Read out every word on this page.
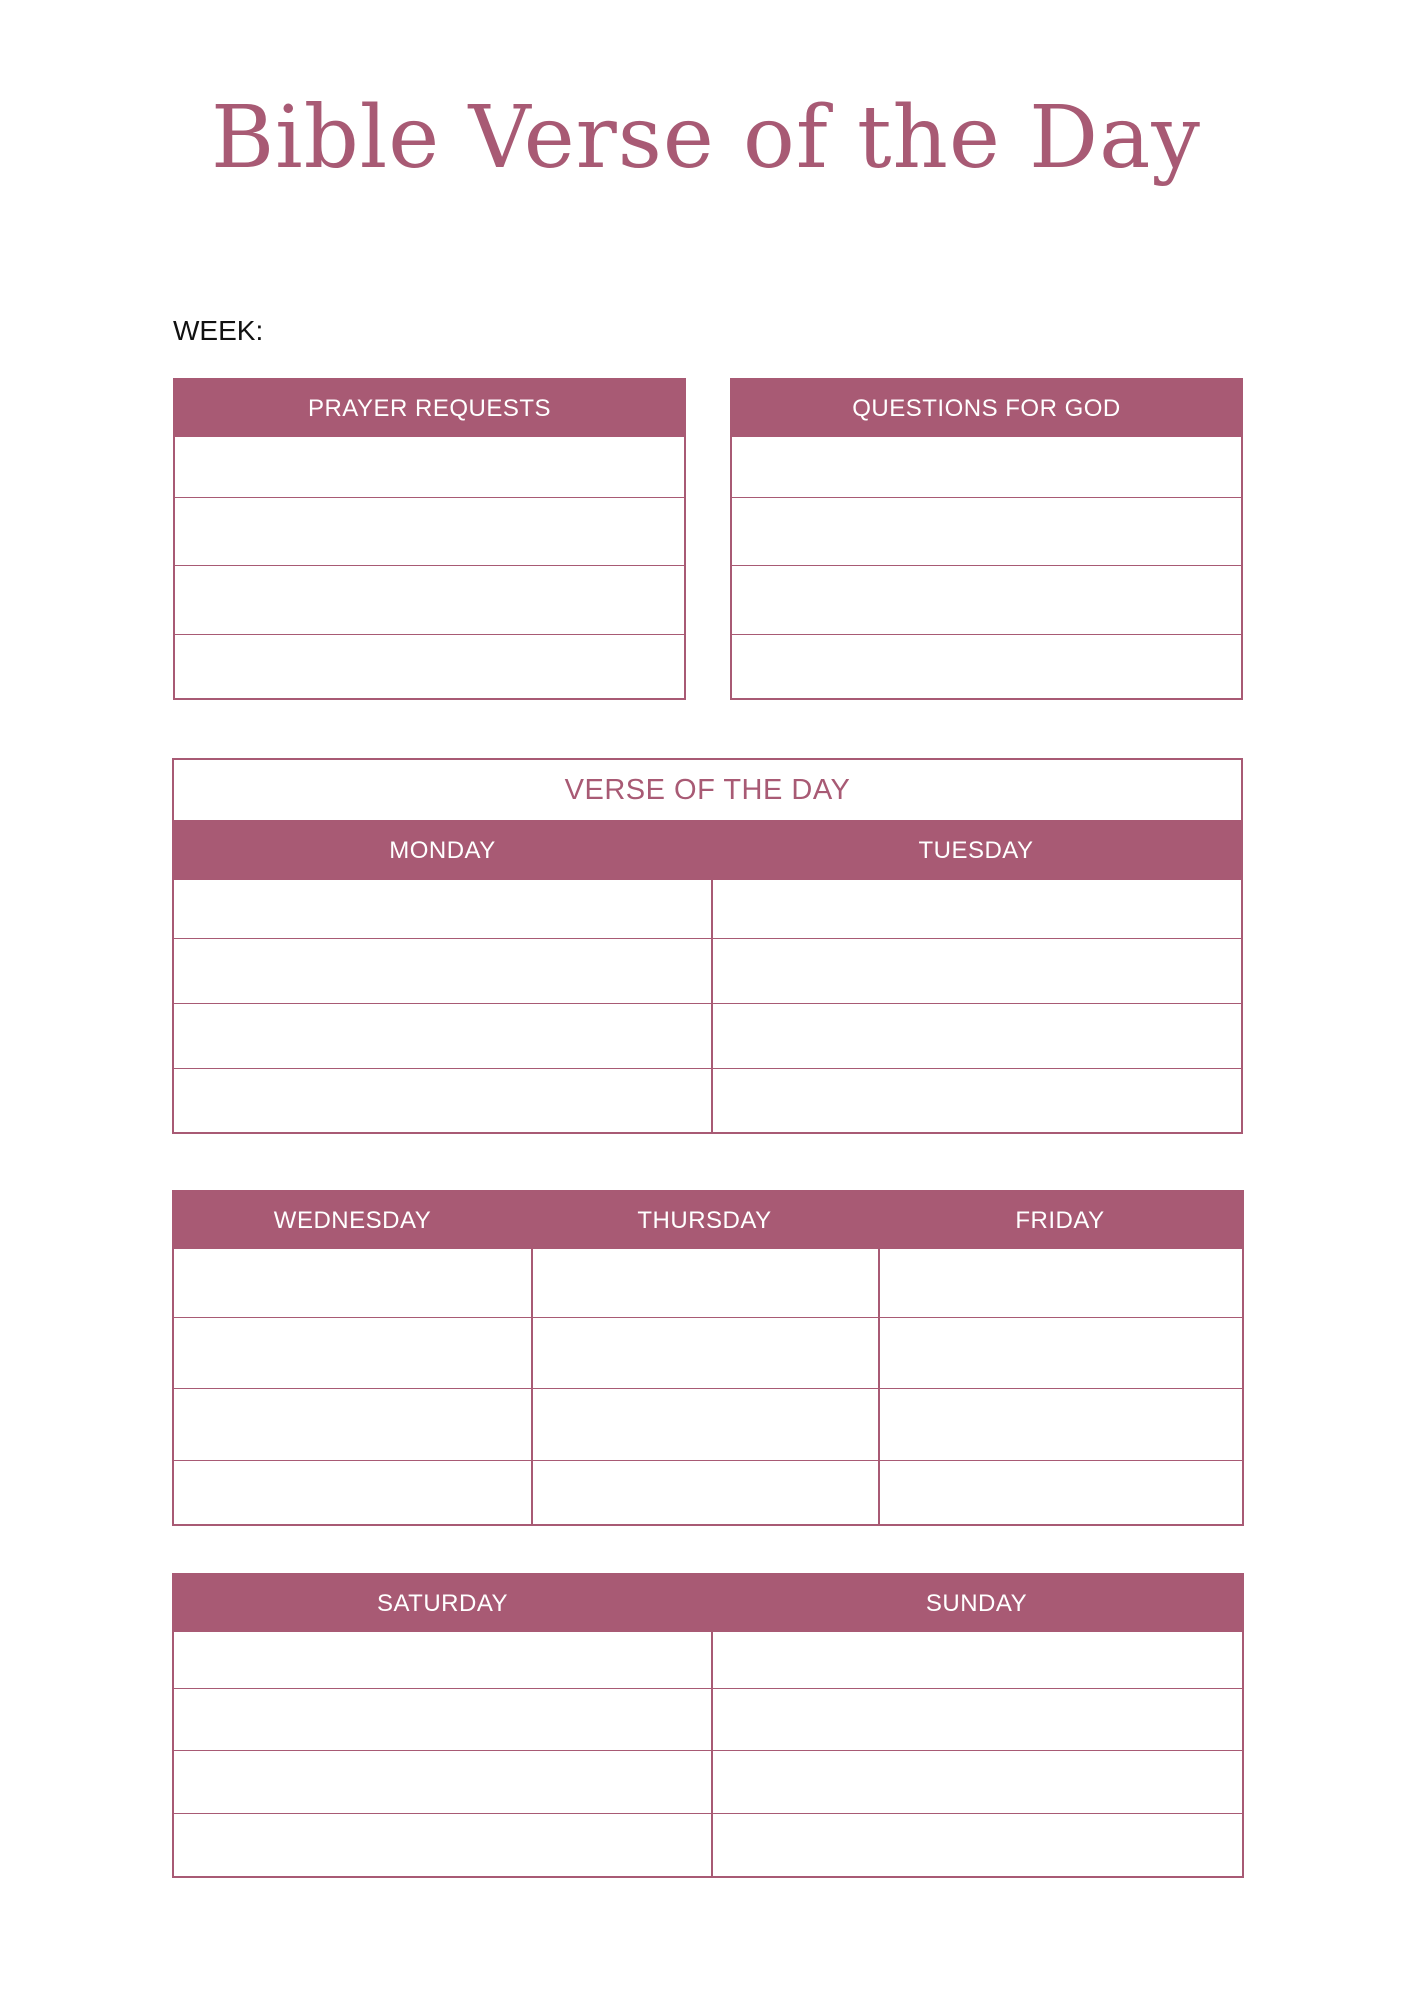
Bible Verse of the Day
WEEK:
PRAYER REQUESTS	QUESTIONS FOR GOD
VERSE OF THE DAY
MONDAY	TUESDAY
WEDNESDAY	THURSDAY	FRIDAY
SATURDAY	SUNDAY
